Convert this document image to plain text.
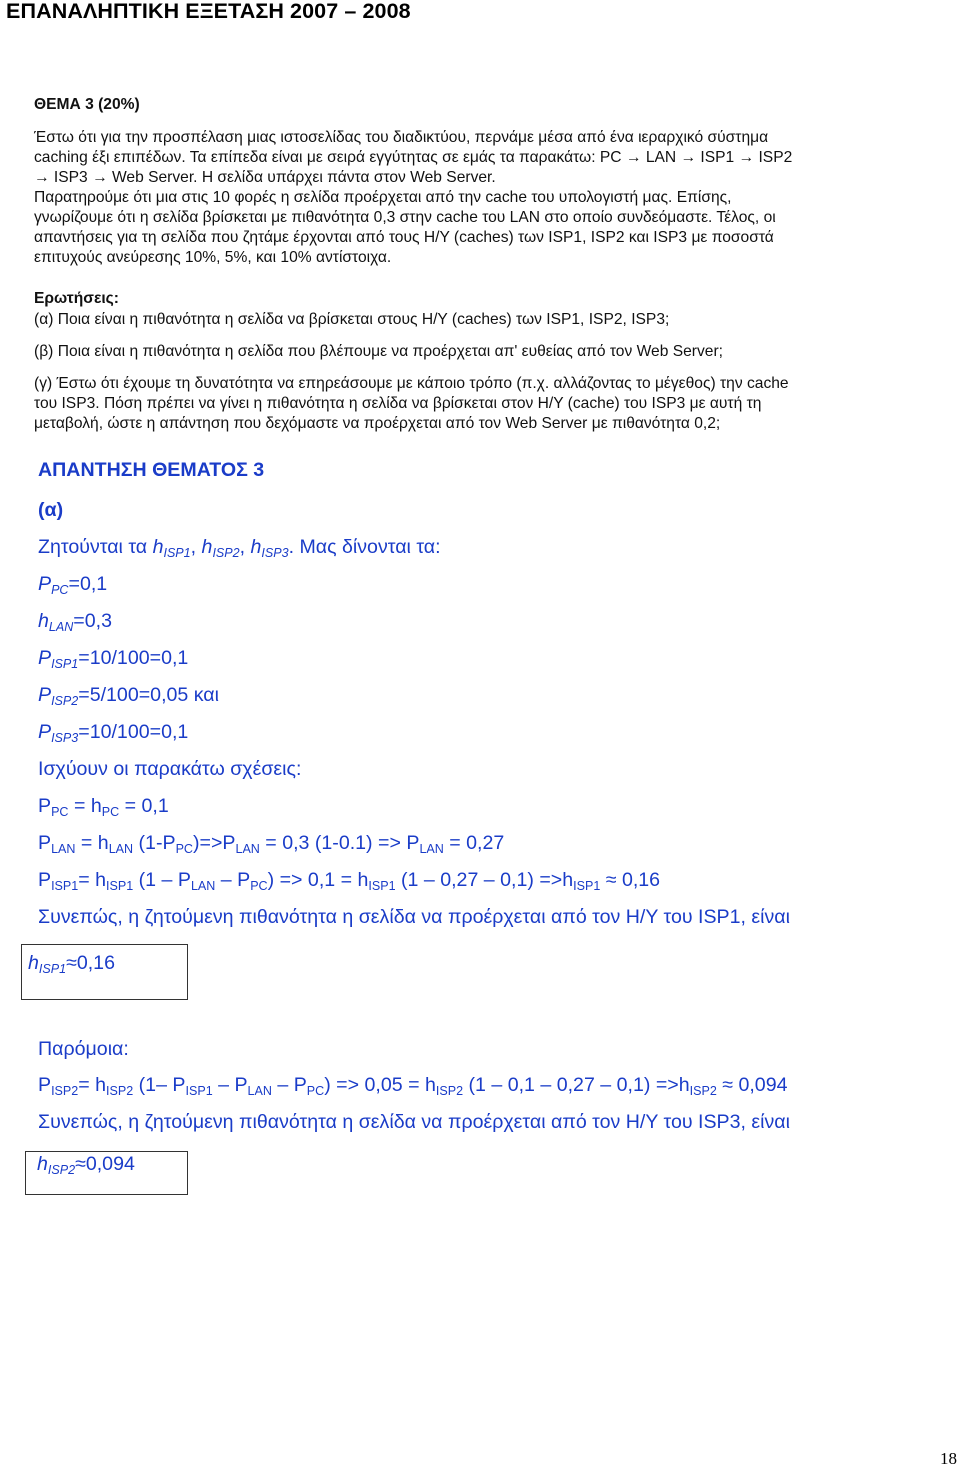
ΕΠΑΝΑΛΗΠΤΙΚΗ ΕΞΕΤΑΣΗ 2007 – 2008
ΘΕΜΑ 3 (20%)
Έστω ότι για την προσπέλαση μιας ιστοσελίδας του διαδικτύου, περνάμε μέσα από ένα ιεραρχικό σύστημα
caching έξι επιπέδων. Τα επίπεδα είναι με σειρά εγγύτητας σε εμάς τα παρακάτω: PC → LAN → ISP1 → ISP2
→ ISP3 → Web Server. Η σελίδα υπάρχει πάντα στον Web Server.
Παρατηρούμε ότι μια στις 10 φορές η σελίδα προέρχεται από την cache του υπολογιστή μας. Επίσης,
γνωρίζουμε ότι η σελίδα βρίσκεται με πιθανότητα 0,3 στην cache του LAN στο οποίο συνδεόμαστε. Τέλος, οι
απαντήσεις για τη σελίδα που ζητάμε έρχονται από τους Η/Υ (caches) των ISP1, ISP2 και ISP3 με ποσοστά
επιτυχούς ανεύρεσης 10%, 5%, και 10% αντίστοιχα.
Ερωτήσεις:
(α) Ποια είναι η πιθανότητα η σελίδα να βρίσκεται στους Η/Υ (caches) των ISP1, ISP2, ISP3;
(β) Ποια είναι η πιθανότητα η σελίδα που βλέπουμε να προέρχεται απ' ευθείας από τον Web Server;
(γ) Έστω ότι έχουμε τη δυνατότητα να επηρεάσουμε με κάποιο τρόπο (π.χ. αλλάζοντας το μέγεθος) την cache
του ISP3. Πόση πρέπει να γίνει η πιθανότητα η σελίδα να βρίσκεται στον Η/Υ (cache) του ISP3 με αυτή τη
μεταβολή, ώστε η απάντηση που δεχόμαστε να προέρχεται από τον Web Server με πιθανότητα 0,2;
ΑΠΑΝΤΗΣΗ ΘΕΜΑΤΟΣ 3
(α)
Ζητούνται τα $h_{ISP1}$, $h_{ISP2}$, $h_{ISP3}$. Μας δίνονται τα:
$P_{PC}=0,1$
$h_{LAN}=0,3$
$P_{ISP1}=10/100=0,1$
$P_{ISP2}=5/100=0,05$ και
$P_{ISP3}=10/100=0,1$
Ισχύουν οι παρακάτω σχέσεις:
$P_{PC} = h_{PC} = 0,1$
$P_{LAN} = h_{LAN}$ $(1-P_{PC})=>P_{LAN} = 0,3$ $(1-0.1) => P_{LAN} = 0,27$
$P_{ISP1}= h_{ISP1}$ $(1 - P_{LAN} - P_{PC}) => 0,1 = h_{ISP1}$ $(1 - 0,27 - 0,1) =>h_{ISP1} \approx 0,16$
Συνεπώς, η ζητούμενη πιθανότητα η σελίδα να προέρχεται από τον Η/Υ του ISP1, είναι
$h_{ISP1}\approx 0,16$
Παρόμοια:
$P_{ISP2}= h_{ISP2}$ (1– $P_{ISP1} - P_{LAN} - P_{PC}) => 0,05 = h_{ISP2}$ $(1 - 0,1 - 0,27 - 0,1) =>h_{ISP2} \approx 0,094$
Συνεπώς, η ζητούμενη πιθανότητα η σελίδα να προέρχεται από τον Η/Υ του ISP3, είναι
$h_{ISP2}\approx 0,094$
18
